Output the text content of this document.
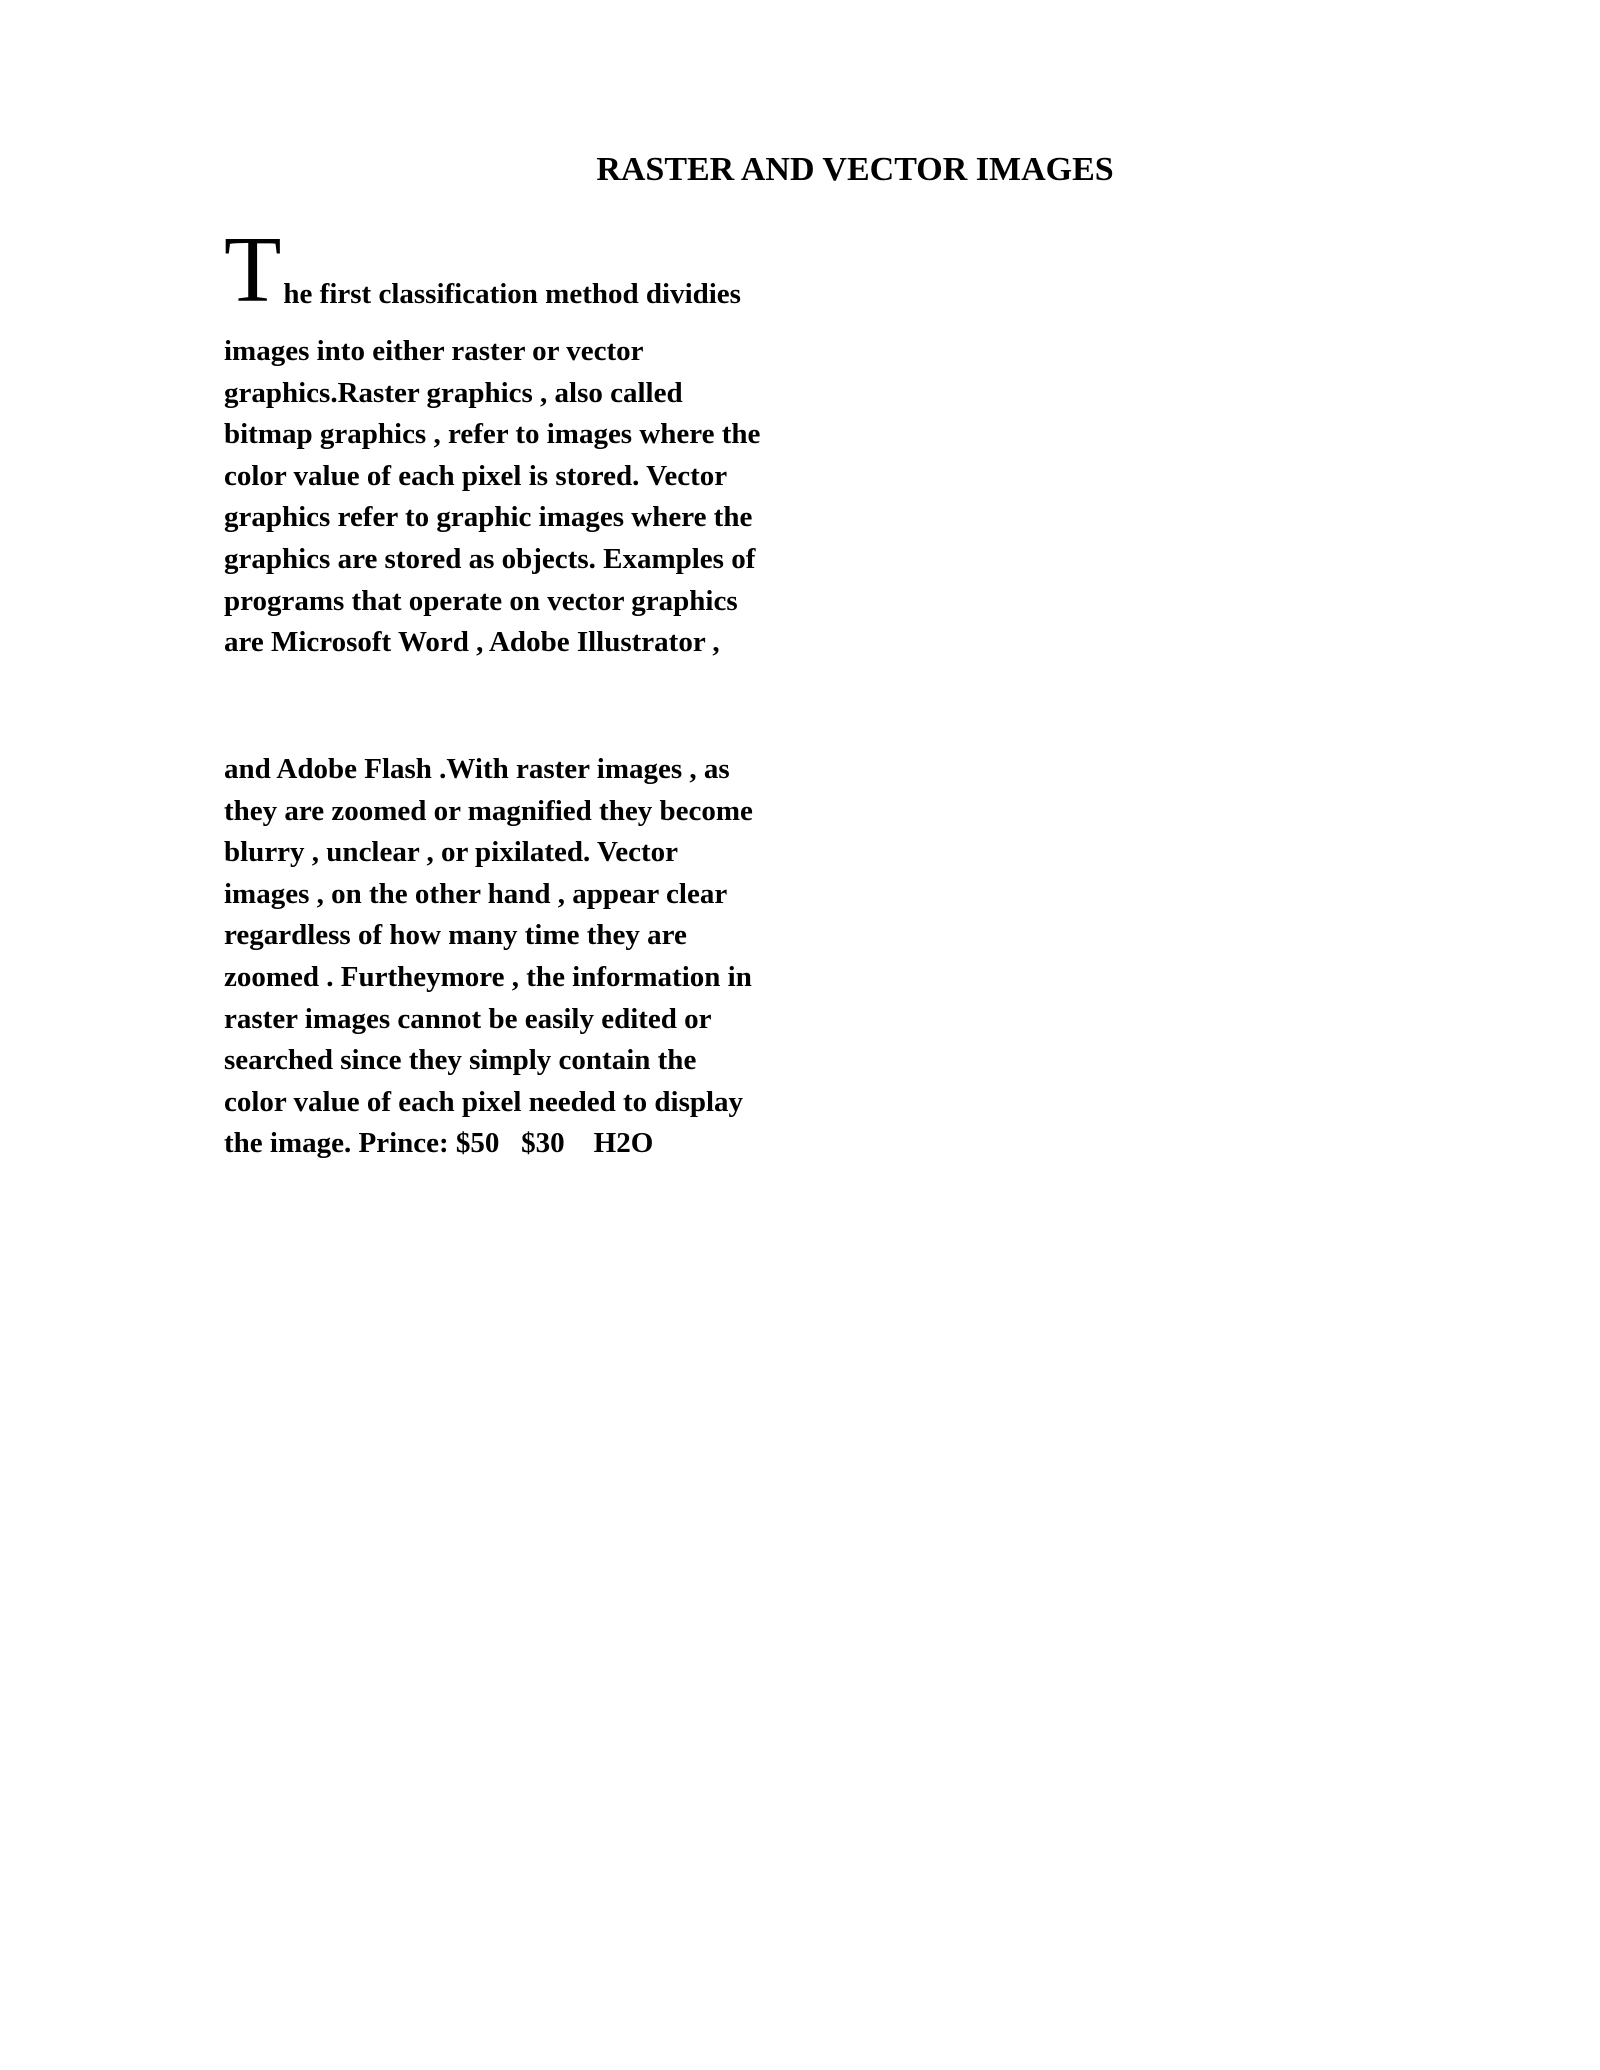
RASTER AND VECTOR IMAGES
The first classification method dividies
images into either raster or vector
graphics.Raster graphics , also called
bitmap graphics , refer to images where the
color value of each pixel is stored. Vector
graphics refer to graphic images where the
graphics are stored as objects. Examples of
programs that operate on vector graphics
are Microsoft Word , Adobe Illustrator ,
and Adobe Flash .With raster images , as
they are zoomed or magnified they become
blurry , unclear , or pixilated. Vector
images , on the other hand , appear clear
regardless of how many time they are
zoomed . Furtheymore , the information in
raster images cannot be easily edited or
searched since they simply contain the
color value of each pixel needed to display
the image. Prince: $50   $30    H2O
